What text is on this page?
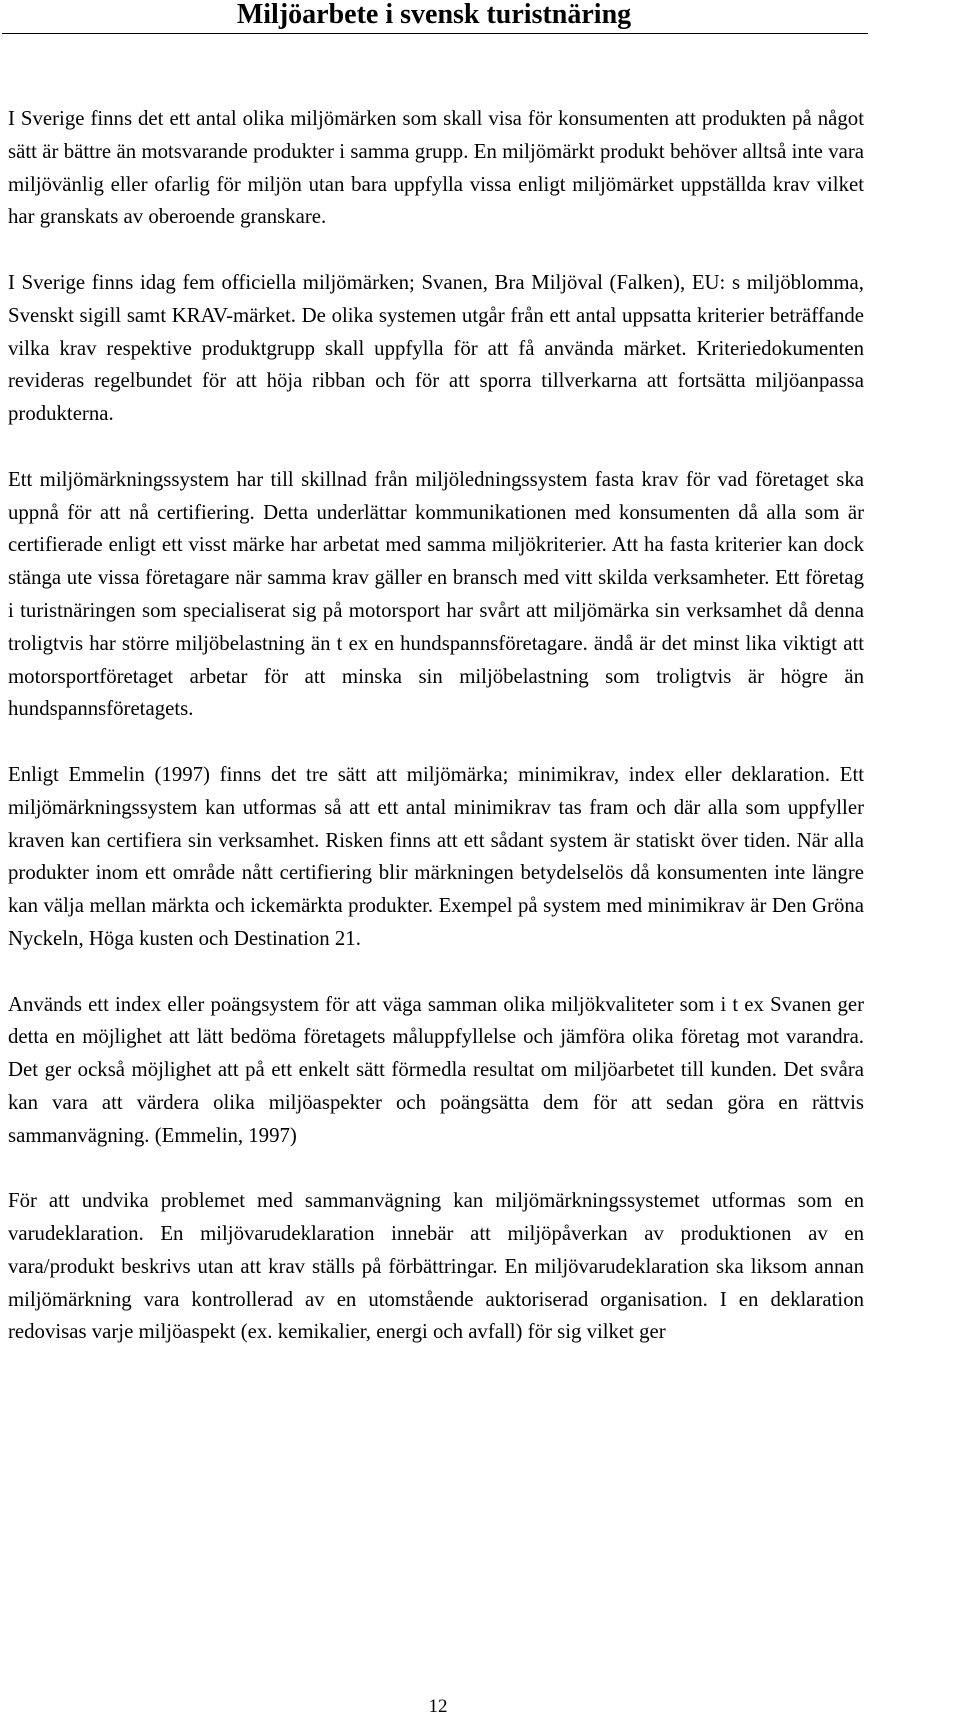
Miljöarbete i svensk turistnäring

I Sverige finns det ett antal olika miljömärken som skall visa för konsumenten att produkten på något sätt är bättre än motsvarande produkter i samma grupp. En miljömärkt produkt behöver alltså inte vara miljövänlig eller ofarlig för miljön utan bara uppfylla vissa enligt miljömärket uppställda krav vilket har granskats av oberoende granskare.

I Sverige finns idag fem officiella miljömärken; Svanen, Bra Miljöval (Falken), EU: s miljöblomma, Svenskt sigill samt KRAV-märket. De olika systemen utgår från ett antal uppsatta kriterier beträffande vilka krav respektive produktgrupp skall uppfylla för att få använda märket. Kriteriedokumenten revideras regelbundet för att höja ribban och för att sporra tillverkarna att fortsätta miljöanpassa produkterna.

Ett miljömärkningssystem har till skillnad från miljöledningssystem fasta krav för vad företaget ska uppnå för att nå certifiering. Detta underlättar kommunikationen med konsumenten då alla som är certifierade enligt ett visst märke har arbetat med samma miljökriterier. Att ha fasta kriterier kan dock stänga ute vissa företagare när samma krav gäller en bransch med vitt skilda verksamheter. Ett företag i turistnäringen som specialiserat sig på motorsport har svårt att miljömärka sin verksamhet då denna troligtvis har större miljöbelastning än t ex en hundspannsföretagare. ändå är det minst lika viktigt att motorsportföretaget arbetar för att minska sin miljöbelastning som troligtvis är högre än hundspannsföretagets.

Enligt Emmelin (1997) finns det tre sätt att miljömärka; minimikrav, index eller deklaration. Ett miljömärkningssystem kan utformas så att ett antal minimikrav tas fram och där alla som uppfyller kraven kan certifiera sin verksamhet. Risken finns att ett sådant system är statiskt över tiden. När alla produkter inom ett område nått certifiering blir märkningen betydelselös då konsumenten inte längre kan välja mellan märkta och ickemärkta produkter. Exempel på system med minimikrav är Den Gröna Nyckeln, Höga kusten och Destination 21.

Används ett index eller poängsystem för att väga samman olika miljökvaliteter som i t ex Svanen ger detta en möjlighet att lätt bedöma företagets måluppfyllelse och jämföra olika företag mot varandra. Det ger också möjlighet att på ett enkelt sätt förmedla resultat om miljöarbetet till kunden. Det svåra kan vara att värdera olika miljöaspekter och poängsätta dem för att sedan göra en rättvis sammanvägning. (Emmelin, 1997)

För att undvika problemet med sammanvägning kan miljömärkningssystemet utformas som en varudeklaration. En miljövarudeklaration innebär att miljöpåverkan av produktionen av en vara/produkt beskrivs utan att krav ställs på förbättringar. En miljövarudeklaration ska liksom annan miljömärkning vara kontrollerad av en utomstående auktoriserad organisation. I en deklaration redovisas varje miljöaspekt (ex. kemikalier, energi och avfall) för sig vilket ger

12
